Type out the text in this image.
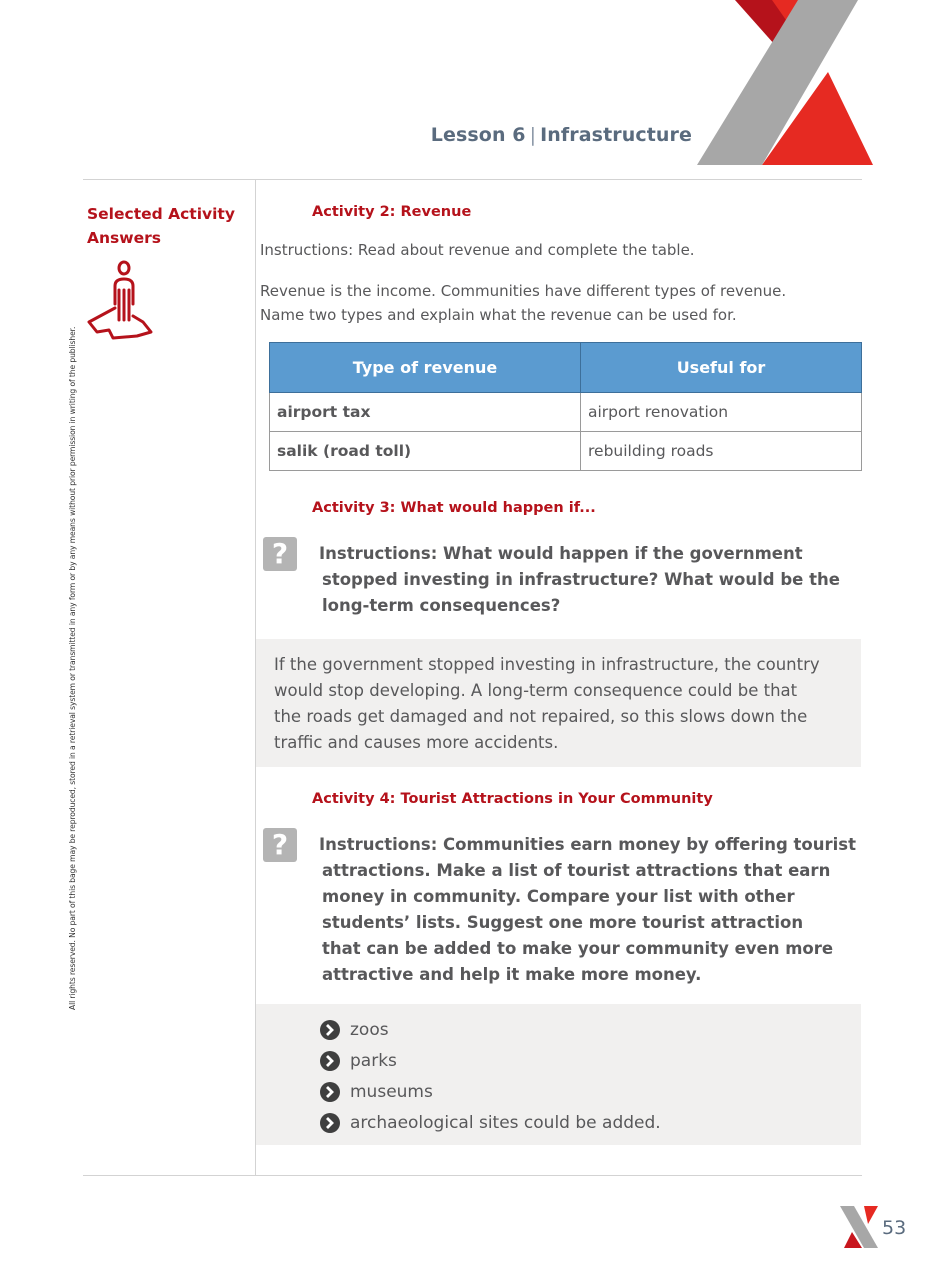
Lesson 6 | Infrastructure
All rights reserved. No part of this bage may be reproduced, stored in a retrieval system or transmitted in any form or by any means without prior permission in writing of the publisher.
Selected Activity Answers
Activity 2: Revenue
Instructions: Read about revenue and complete the table.
Revenue is the income. Communities have different types of revenue.
Name two types and explain what the revenue can be used for.
Type of revenue	Useful for
airport tax	airport renovation
salik (road toll)	rebuilding roads
Activity 3: What would happen if...
?	Instructions: What would happen if the government
stopped investing in infrastructure? What would be the
long-term consequences?
If the government stopped investing in infrastructure, the country
would stop developing. A long-term consequence could be that
the roads get damaged and not repaired, so this slows down the
traffic and causes more accidents.
Activity 4: Tourist Attractions in Your Community
?	Instructions: Communities earn money by offering tourist
attractions. Make a list of tourist attractions that earn
money in community. Compare your list with other
students’ lists. Suggest one more tourist attraction
that can be added to make your community even more
attractive and help it make more money.
zoos
parks
museums
archaeological sites could be added.
53
